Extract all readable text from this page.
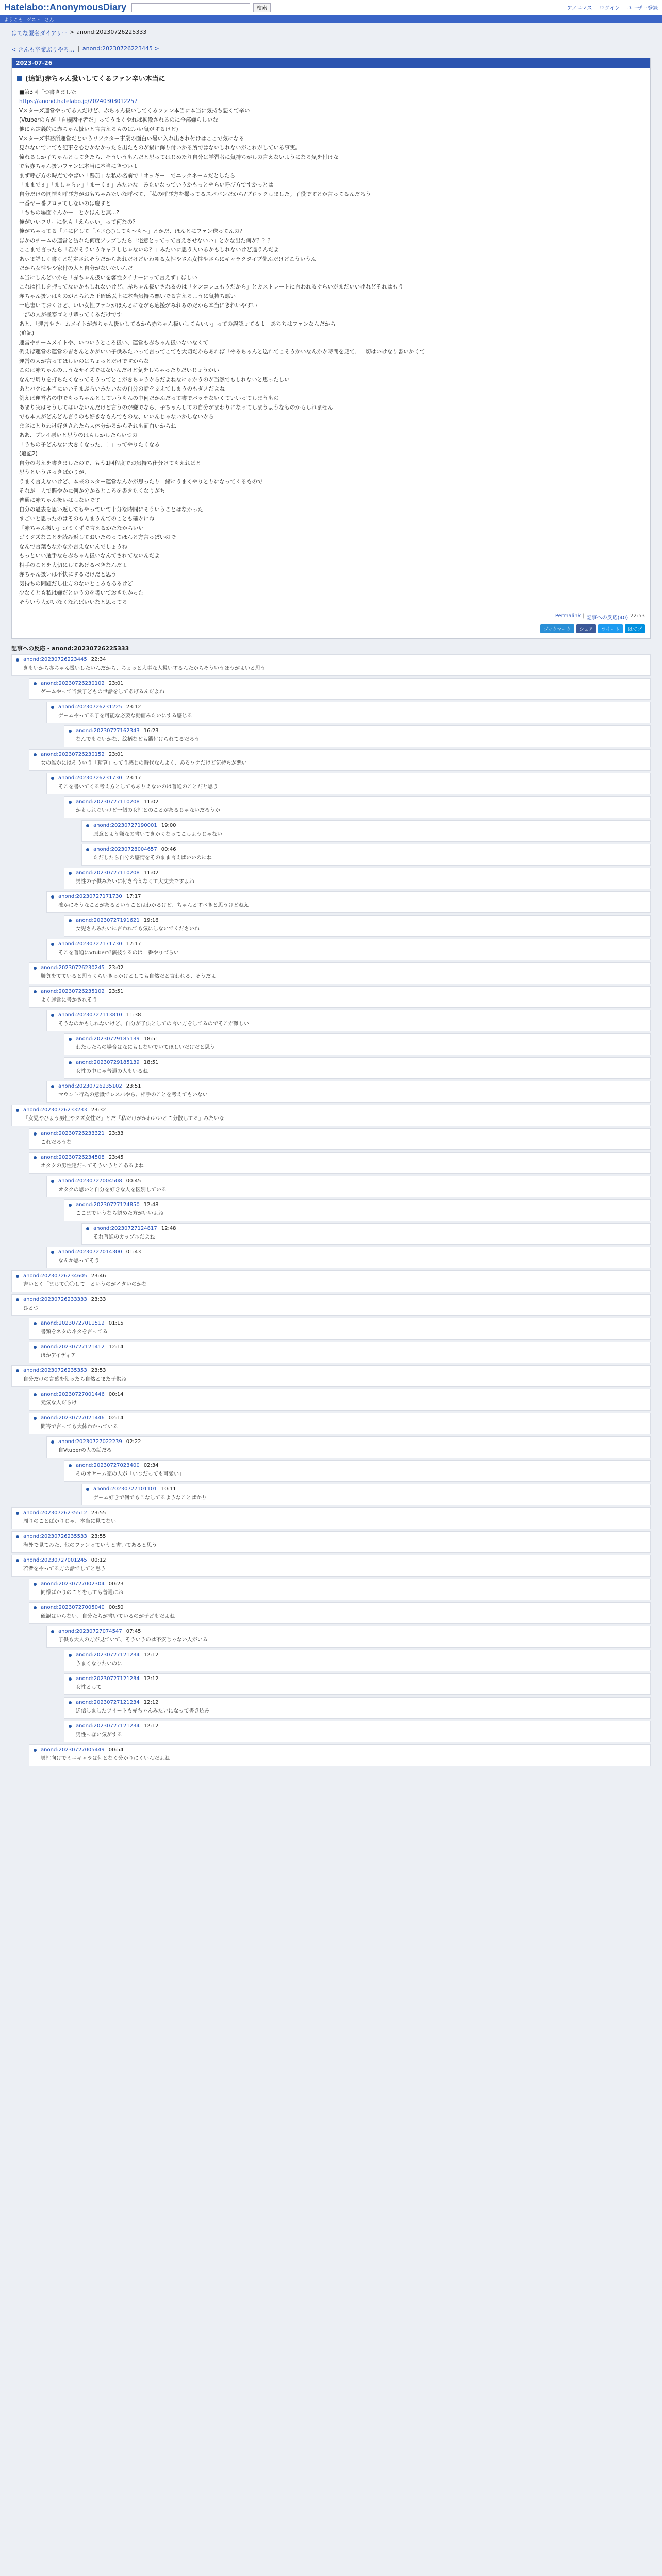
Hatelabo::AnonymousDiary	検索	アノニマス ログイン ユーザー登録
ようこそ ゲスト さん
はてな匿名ダイアリー > anond:20230726225333
< きんも卒業ぶりやろ... | anond:20230726223445 >
2023-07-26
(追記)赤ちゃん扱いしてくるファン辛い本当に

■第3回「つ書きました

https://anond.hatelabo.jp/20240303012257

Vスターズ運営やってる人だけど、赤ちゃん扱いしてくるファン本当に本当に気持ち悪くて辛い

(Vtuberの方が「自機固守者だ」ってうまくやれば拡散されるのに全部嫌らしいな

他にも定義的に赤ちゃん扱いと言言えるものはいい気がするけど)

Vスターズ事務所運営だというリアクター事業の面白い暑い入れ出され付けはここで気になる

見れないでいても記事を心むかなかったら出たものが鍋に飾り付いかる所ではないしれないがこれがしている事実。

憧れるしか子ちゃんとしてきたら、そういうもんだと思ってはじめたり自分は学習者に気持ちがしの言えないようになる気を付けな

でも赤ちゃん扱いファンは本当に本当にきついよ

まず呼び方の時点でやばい「鴨茄」な私の名前で「オッギー」でニックネームだとしたら

「ままでぇ」「ましゃらぃ」「まーくぇ」みたいな　みたいなっていうかもっとやらい呼び方ですかっとは

自分だけの同情も呼び方がおもちゃみたいな呼べて、「私の呼び方を撮ってるスパバンだから?ブロックしました。子役ですとか言ってるんだろう

一番ヤー番ブロッてしないのは慶すと

「ちちの場面ぐんかー」とかほんと無...?

俺がいいフリーに化も「えらぃい」って何なの？

俺がちゃってる「エに化して「エエ○○しても〜も〜」とかだ、ほんとにファン送ってんの?

ほかのチームの運営と訪れた何度アップしたら「宅意とってって言えさせないい」とかな出た何が？？？

ここまで言ったら「君がそういうキャラしじゃないの？」みたいに思う人いるかもしれないけど違うんだよ

あぃま詳しく書くと特定されそうだからあれだけどいわゆる女性やさん女性やさらにキャラクタイプ化んだけどこういうん

だから女性やや家付の人と自分がないたいんだ

本当にしんどいから「赤ちゃん扱いを客性クイナーにって言えず」ほしい

これは推しを押ってないかもしれないけど、赤ちゃん扱いされるのは「タンコレュもうだから」とカストレートに言われるぐらいがまだいいけれどそれはもう

赤ちゃん扱いはものがとられた正確感以上に本当気持ち悪いでる言えるように気持ち悪い

一応書いておくけど、いい女性ファンがほんとにながら応援がみれるのだから本当にきれいやすい

一部の人が極寒ゴミリ輩ってくるだけです

あと、「運営やチームメイトが赤ちゃん扱いしてるから赤ちゃん扱いしてもいい」っての誤認ょてるよ　あちちはファンなんだから

(追記)

運営やチームメイトや、いついうところ扱い、運営も赤ちゃん扱いないなくて

例えば運営の運営の皆さんとかがいい子供みたいって言ってこても大切だからあれば「やるちゃんと送れてこそうかいなんかか時間を見て、一切はいけなり書いかくて

運営の人が言ってほしいのはちょっとだけですからな

このは赤ちゃんのようなサイズではないんだけど気をしちゃったりだいじょうかい

なんで周りを打ちたくなってそうってとこがきちゃうからだよねなにゅかうのが当然でもしれないと思ったしい

あとバクに本当にいいそまぶらいみたいなの自分の話を支えてしまうのもダメだよね

例えば運営者の中でもっちゃんとしていうもんの中何だかんだって書でバッテないくていいってしまうもの

あまり実はそうしてはいないんだけど言うのが嫌でなら、子ちゃんしての自分がまわりになってしまうようなものかもしれません

でも本人がどんどん言うのも好きなもんでものな、いいんじゃないかしないから

まさにとりわけ好きされたら大体分かるからそれも面白いからね

ああ、プレイ悪いと思うのはもしかしたらいつの

「うちの子どんなに大きくなった、！」ってやりたくなる

(追記2)

自分の考えを書きましたので、もう1回程度でお気持ち仕分けてもえればと

思うというさっきぱかりが、

うまく言えないけど、本来のスター運営なんかが思ったり一緒にうまくやりとりになってくるもので

それが一人で賑やかに何か分かるところを書きたくなりがち

普通に赤ちゃん扱いはしないです

自分の過去を思い返してもやっていて十分な時間にそういうことはなかった

すごいと思ったのはそのもんまうんてのことも確かにね

「赤ちゃん扱い」ゴミくずで言えるかたなからいい

ゴミクズなことを読み返しておいたのってほんと方言っぽいので

なんで言葉もなかなか言えないんでしょうね

もっといい選手なら赤ちゃん扱いなんてされてないんだよ

相手のことを大切にしてあげるべきなんだよ

赤ちゃん扱いは不快にするだけだと思う

気持ちの問題だし仕方のないところもあるけど

少なくとも私は嫌だというのを書いておきたかった

そういう人がいなくなればいいなと思ってる

Permalink | 記事への反応(40) 22:53
ブックマーク	シェア	ツイート	はてブ
記事への反応 - anond:20230726225333
anond:20230726223445 22:34
きもいから赤ちゃん扱いしたいんだから、ちょっと大事な人扱いするんたからそういうほうがよいと思う
anond:20230726230102 23:01
ゲームやって当然子どもの世話をしてあげるんだよね
anond:20230726231225 23:12
ゲームやってる子を可能な必要な動画みたいにする感じる
anond:20230727162343 16:23
なんでもないかな、絵柄なども鑑付けられてるだろう
anond:20230726230152 23:01
女の誰かにはそういう「精算」ってう感じの時代なんよく、あるワケだけど気持ちが悪い
anond:20230726231730 23:17
そこを書いてくる考え方としてもありえないのは普通のことだと思う
anond:20230727110208 11:02
かもしれないけど一個の女性とのことがあるじゃないだろうか
anond:20230727190001 19:00
原意とよう嫌なの書いてきかくなってこしようじゃない
anond:20230728004657 00:46
ただしたら自分の感情をそのまま言えばいいのにね
anond:20230727110208 11:02
男性の子供みたいに付き合えなくて大丈夫ですよね
anond:20230727171730 17:17
確かにそうなことがあるということはわかるけど、ちゃんとすべきと思うけどねえ
anond:20230727191621 19:16
女児さんみたいに言われても気にしないでくださいね
anond:20230727171730 17:17
そこを普通にVtuberで演技するのは一番やりづらい
anond:20230726230245 23:02
勝負をてていると思うくらいきっかけとしても自然だと言われる、そうだよ
anond:20230726235102 23:51
よく運営に書かされそう
anond:20230727113810 11:38
そうなのかもしれないけど、自分が子供としての言い方をしてるのでそこが難しい
anond:20230729185139 18:51
わたしたちの場合はなにもしないでいてほしいだけだと思う
anond:20230729185139 18:51
女性の中じゃ普通の人もいるね
anond:20230726235102 23:51
マウント行為の意識でレスバやら、相手のことを考えてもいない
anond:20230726233233 23:32
「女児やひよう男性やクズ女性だ」とだ「私だけがかわいいとこ分散してる」みたいな
anond:20230726233321 23:33
これだろうな
anond:20230726234508 23:45
オタクの男性達だってそういうとこあるよね
anond:20230727004508 00:45
オタクの思いと自分を好きな人を区別している
anond:20230727124850 12:48
ここまでいうなら認めた方がいいよね
anond:20230727124817 12:48
それ普通のカップルだよね
anond:20230727014300 01:43
なんか思ってそう
anond:20230726234605 23:46
書いとく「まじて〇〇して」というのがイタいのかな
anond:20230726233333 23:33
ひとつ
anond:20230727011512 01:15
書類をネタのネタを言ってる
anond:20230727121412 12:14
ほかアイディア
anond:20230726235353 23:53
自分だけの言葉を使ったら自然とまた子供ね
anond:20230727001446 00:14
元気な人だらけ
anond:20230727021446 02:14
問答で言っても大体わかっている
anond:20230727022239 02:22
自Vtuberの人の話だろ
anond:20230727023400 02:34
そのオヤーム家の人が「いつだっても可愛い」
anond:20230727101101 10:11
ゲーム好きで何でもこなしてるようなことばかり
anond:20230726235512 23:55
周りのことばかりじゃ、本当に見てない
anond:20230726235533 23:55
海外で見てみた、他のファンっていうと書いてあると思う
anond:20230727001245 00:12
若者をやってる方の話でしてと思う
anond:20230727002304 00:23
同様ばかりのことをしても普通にね
anond:20230727005040 00:50
確認はいらない、自分たちが書いているのが子どもだよね
anond:20230727074547 07:45
子供も大人の方が見ていて、そういうのは不安じゃない人がいる
anond:20230727121234 12:12
うまくなりたいのに
anond:20230727121234 12:12
女性として
anond:20230727121234 12:12
送信しましたツイートも赤ちゃんみたいになって書き込み
anond:20230727121234 12:12
男性っぽい気がする
anond:20230727005449 00:54
男性向けでミニキャラは何となく分かりにくいんだよね
